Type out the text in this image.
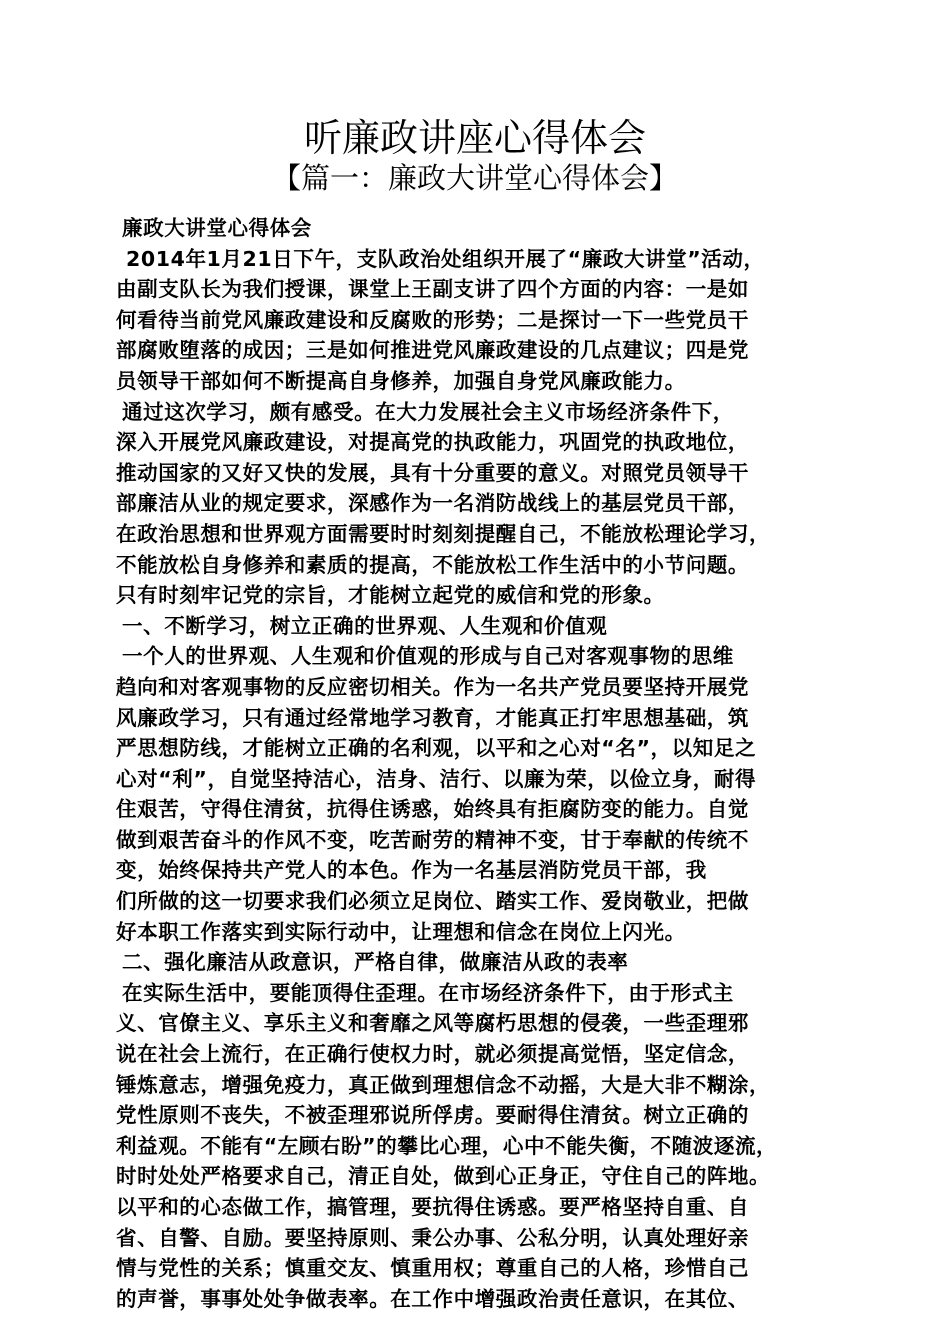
听廉政讲座心得体会
【篇一：廉政大讲堂心得体会】

廉政大讲堂心得体会

2014年1月21日下午，支队政治处组织开展了“廉政大讲堂”活动，

由副支队长为我们授课，课堂上王副支讲了四个方面的内容：一是如

何看待当前党风廉政建设和反腐败的形势；二是探讨一下一些党员干

部腐败堕落的成因；三是如何推进党风廉政建设的几点建议；四是党

员领导干部如何不断提高自身修养，加强自身党风廉政能力。

通过这次学习，颇有感受。在大力发展社会主义市场经济条件下，

深入开展党风廉政建设，对提高党的执政能力，巩固党的执政地位，

推动国家的又好又快的发展，具有十分重要的意义。对照党员领导干

部廉洁从业的规定要求，深感作为一名消防战线上的基层党员干部，

在政治思想和世界观方面需要时时刻刻提醒自己，不能放松理论学习，

不能放松自身修养和素质的提高，不能放松工作生活中的小节问题。

只有时刻牢记党的宗旨，才能树立起党的威信和党的形象。

一、不断学习，树立正确的世界观、人生观和价值观

一个人的世界观、人生观和价值观的形成与自己对客观事物的思维

趋向和对客观事物的反应密切相关。作为一名共产党员要坚持开展党

风廉政学习，只有通过经常地学习教育，才能真正打牢思想基础，筑

严思想防线，才能树立正确的名利观，以平和之心对“名”，以知足之

心对“利”，自觉坚持洁心，洁身、洁行、以廉为荣，以俭立身，耐得

住艰苦，守得住清贫，抗得住诱惑，始终具有拒腐防变的能力。自觉

做到艰苦奋斗的作风不变，吃苦耐劳的精神不变，甘于奉献的传统不

变，始终保持共产党人的本色。作为一名基层消防党员干部，我

们所做的这一切要求我们必须立足岗位、踏实工作、爱岗敬业，把做

好本职工作落实到实际行动中，让理想和信念在岗位上闪光。

二、强化廉洁从政意识，严格自律，做廉洁从政的表率

在实际生活中，要能顶得住歪理。在市场经济条件下，由于形式主

义、官僚主义、享乐主义和奢靡之风等腐朽思想的侵袭，一些歪理邪

说在社会上流行，在正确行使权力时，就必须提高觉悟，坚定信念，

锤炼意志，增强免疫力，真正做到理想信念不动摇，大是大非不糊涂，

党性原则不丧失，不被歪理邪说所俘虏。要耐得住清贫。树立正确的

利益观。不能有“左顾右盼”的攀比心理，心中不能失衡，不随波逐流，

时时处处严格要求自己，清正自处，做到心正身正，守住自己的阵地。

以平和的心态做工作，搞管理，要抗得住诱惑。要严格坚持自重、自

省、自警、自励。要坚持原则、秉公办事、公私分明，认真处理好亲

情与党性的关系；慎重交友、慎重用权；尊重自己的人格，珍惜自己

的声誉，事事处处争做表率。在工作中增强政治责任意识，在其位、
